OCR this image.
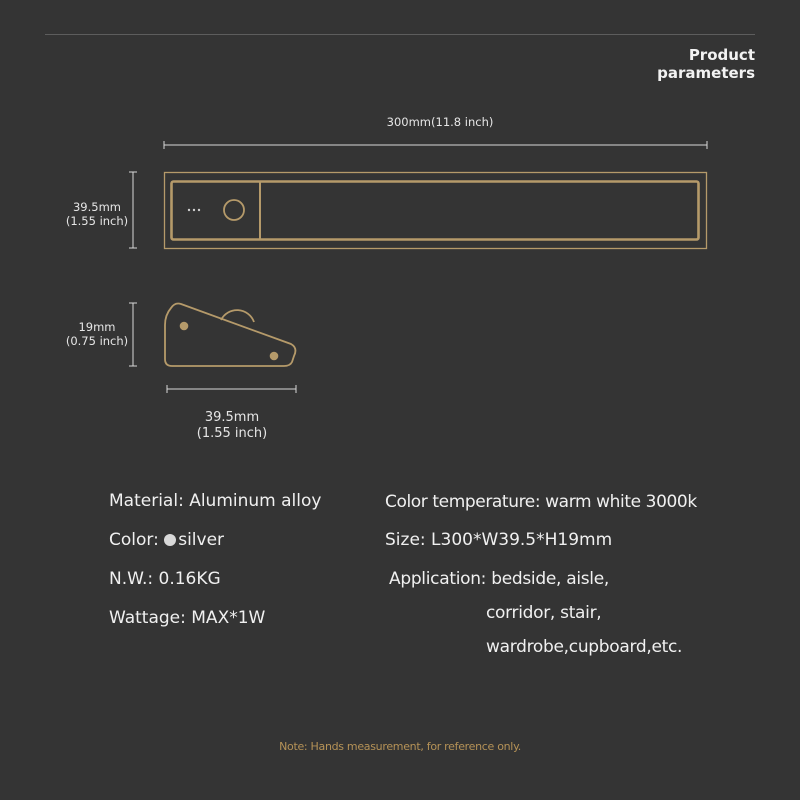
Product
parameters
300mm(11.8 inch)
39.5mm
(1.55 inch)
19mm
(0.75 inch)
39.5mm
(1.55 inch)
Material: Aluminum alloy
Color: silver
N.W.: 0.16KG
Wattage: MAX*1W
Color temperature: warm white 3000k
Size: L300*W39.5*H19mm
Application: bedside, aisle,
corridor, stair,
wardrobe,cupboard,etc.
Note: Hands measurement, for reference only.
